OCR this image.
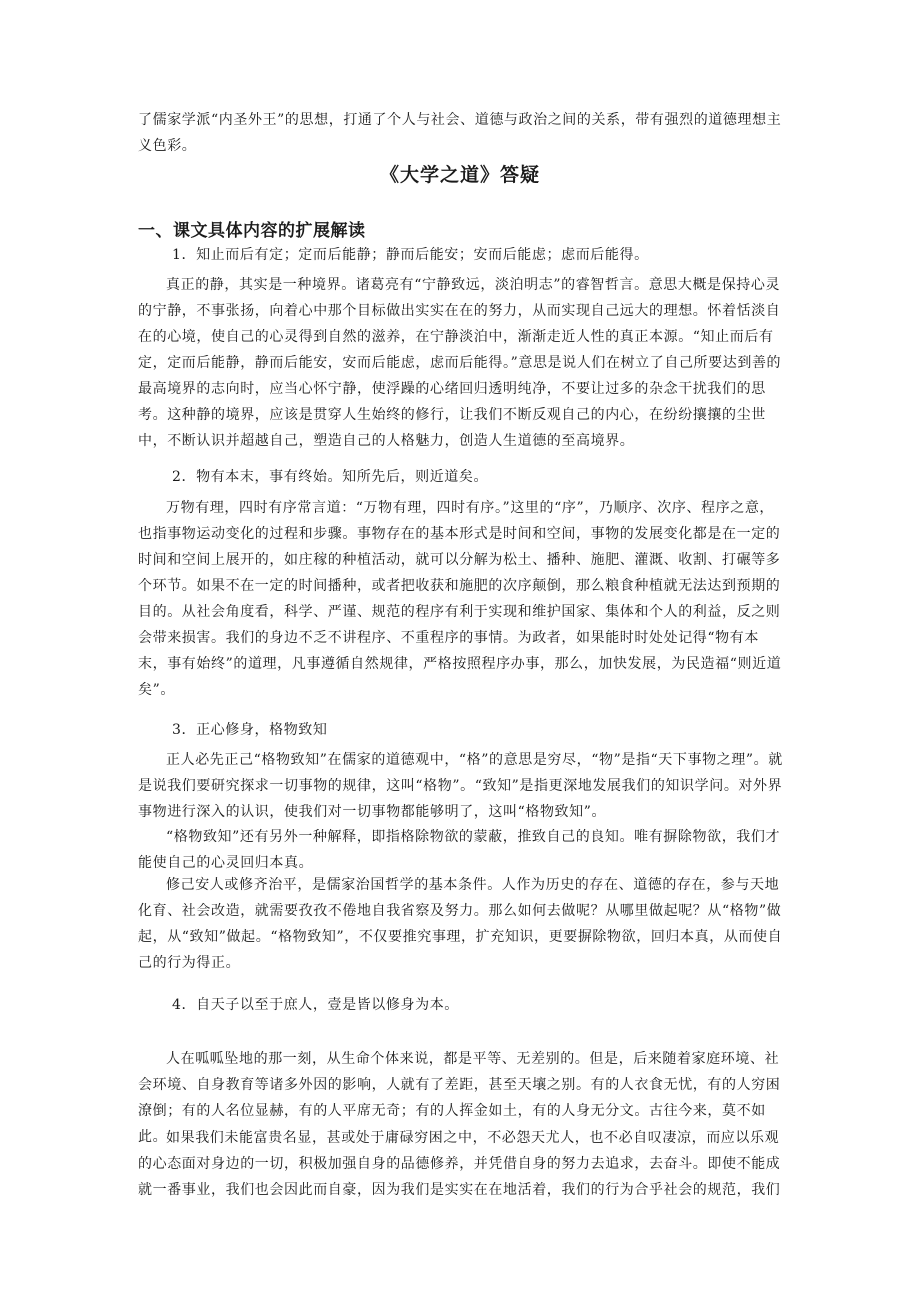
了儒家学派“内圣外王”的思想，打通了个人与社会、道德与政治之间的关系，带有强烈的道德理想主义色彩。

《大学之道》答疑
一、课文具体内容的扩展解读

1．知止而后有定；定而后能静；静而后能安；安而后能虑；虑而后能得。

真正的静，其实是一种境界。诸葛亮有“宁静致远，淡泊明志”的睿智哲言。意思大概是保持心灵的宁静，不事张扬，向着心中那个目标做出实实在在的努力，从而实现自己远大的理想。怀着恬淡自在的心境，使自己的心灵得到自然的滋养，在宁静淡泊中，渐渐走近人性的真正本源。“知止而后有定，定而后能静，静而后能安，安而后能虑，虑而后能得。”意思是说人们在树立了自己所要达到善的最高境界的志向时，应当心怀宁静，使浮躁的心绪回归透明纯净，不要让过多的杂念干扰我们的思考。这种静的境界，应该是贯穿人生始终的修行，让我们不断反观自己的内心，在纷纷攘攘的尘世中，不断认识并超越自己，塑造自己的人格魅力，创造人生道德的至高境界。

2．物有本末，事有终始。知所先后，则近道矣。

万物有理，四时有序常言道：“万物有理，四时有序。”这里的“序”，乃顺序、次序、程序之意，也指事物运动变化的过程和步骤。事物存在的基本形式是时间和空间，事物的发展变化都是在一定的时间和空间上展开的，如庄稼的种植活动，就可以分解为松土、播种、施肥、灌溉、收割、打碾等多个环节。如果不在一定的时间播种，或者把收获和施肥的次序颠倒，那么粮食种植就无法达到预期的目的。从社会角度看，科学、严谨、规范的程序有利于实现和维护国家、集体和个人的利益，反之则会带来损害。我们的身边不乏不讲程序、不重程序的事情。为政者，如果能时时处处记得“物有本末，事有始终”的道理，凡事遵循自然规律，严格按照程序办事，那么，加快发展，为民造福“则近道矣”。

3．正心修身，格物致知

正人必先正己“格物致知”在儒家的道德观中，“格”的意思是穷尽，“物”是指“天下事物之理”。就是说我们要研究探求一切事物的规律，这叫“格物”。“致知”是指更深地发展我们的知识学问。对外界事物进行深入的认识，使我们对一切事物都能够明了，这叫“格物致知”。

“格物致知”还有另外一种解释，即指格除物欲的蒙蔽，推致自己的良知。唯有摒除物欲，我们才能使自己的心灵回归本真。

修己安人或修齐治平，是儒家治国哲学的基本条件。人作为历史的存在、道德的存在，参与天地化育、社会改造，就需要孜孜不倦地自我省察及努力。那么如何去做呢？从哪里做起呢？从“格物”做起，从“致知”做起。“格物致知”，不仅要推究事理，扩充知识，更要摒除物欲，回归本真，从而使自己的行为得正。

4．自天子以至于庶人，壹是皆以修身为本。

人在呱呱坠地的那一刻，从生命个体来说，都是平等、无差别的。但是，后来随着家庭环境、社会环境、自身教育等诸多外因的影响，人就有了差距，甚至天壤之别。有的人衣食无忧，有的人穷困潦倒；有的人名位显赫，有的人平席无奇；有的人挥金如土，有的人身无分文。古往今来，莫不如此。

如果我们未能富贵名显，甚或处于庸碌穷困之中，不必怨天尤人，也不必自叹凄凉，而应以乐观的心态面对身边的一切，积极加强自身的品德修养，并凭借自身的努力去追求，去奋斗。即使不能成就一番事业，我们也会因此而自豪，因为我们是实实在在地活着，我们的行为合乎社会的规范，我们
